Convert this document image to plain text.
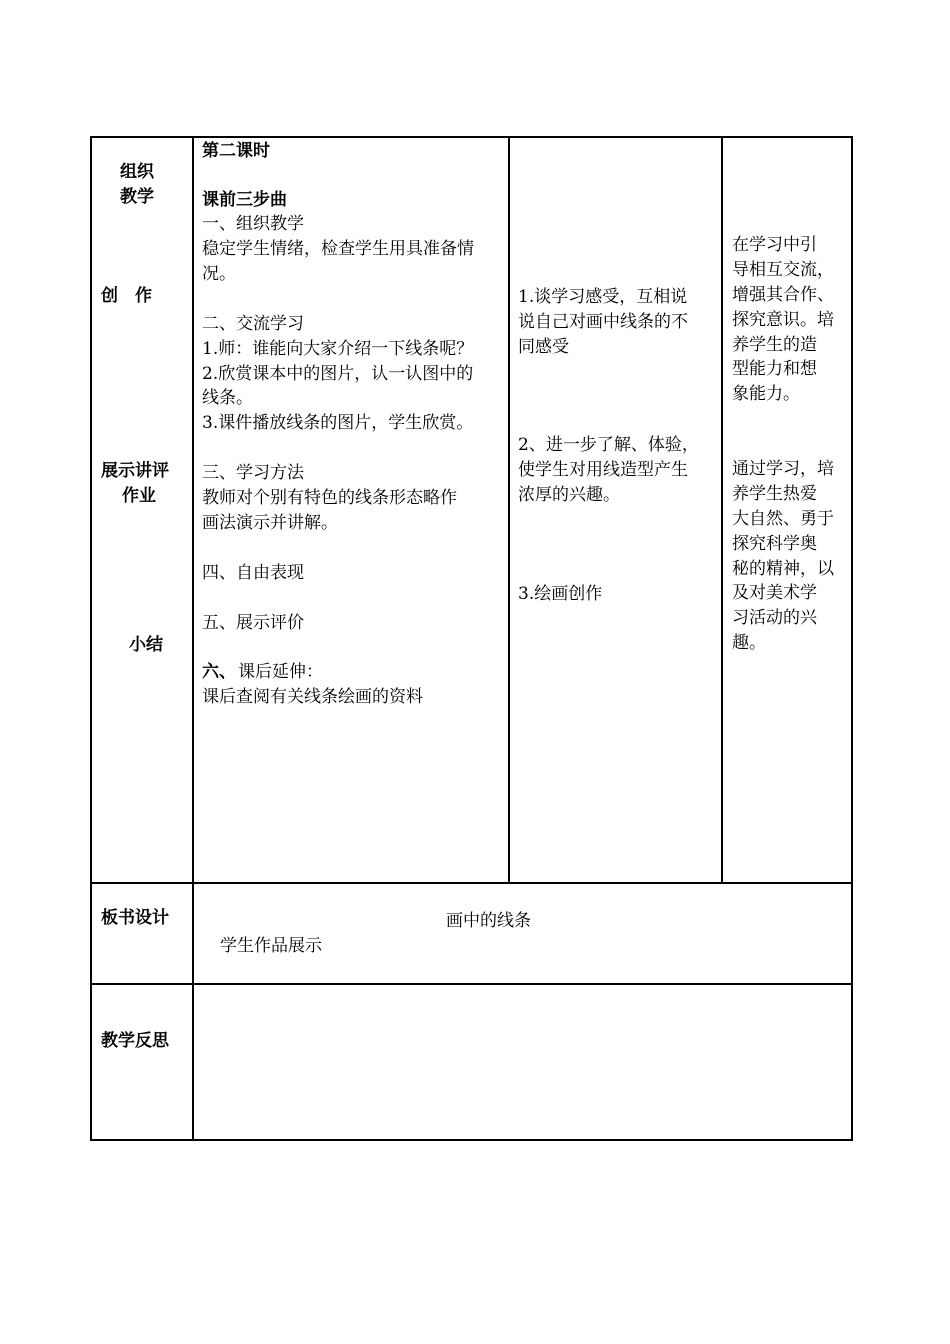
组织
教学
创　作
展示讲评
作业
小结
板书设计
教学反思
第二课时
课前三步曲
一、组织教学
稳定学生情绪，检查学生用具准备情
况。
二、交流学习
1.师：谁能向大家介绍一下线条呢？
2.欣赏课本中的图片，认一认图中的
线条。
3.课件播放线条的图片，学生欣赏。
三、学习方法
教师对个别有特色的线条形态略作
画法演示并讲解。
四、自由表现
五、展示评价
六、 课后延伸：
课后查阅有关线条绘画的资料
1.谈学习感受，互相说
说自己对画中线条的不
同感受
2、进一步了解、体验，
使学生对用线造型产生
浓厚的兴趣。
3.绘画创作
在学习中引
导相互交流，
增强其合作、
探究意识。培
养学生的造
型能力和想
象能力。
通过学习，培
养学生热爱
大自然、勇于
探究科学奥
秘的精神，以
及对美术学
习活动的兴
趣。
画中的线条
学生作品展示
